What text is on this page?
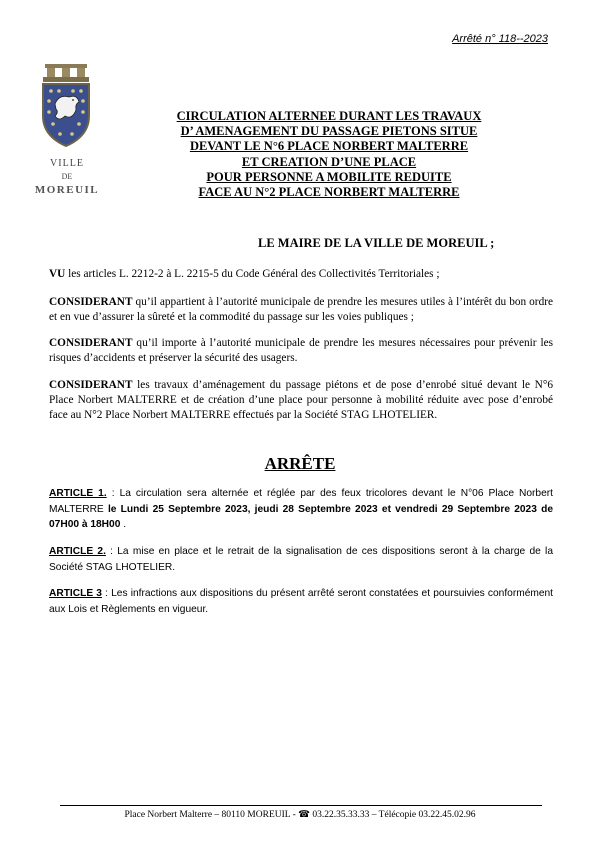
Arrêté n° 118--2023
VILLE
DE
MOREUIL
CIRCULATION ALTERNEE DURANT LES TRAVAUX
D’ AMENAGEMENT DU PASSAGE PIETONS SITUE
DEVANT LE N°6 PLACE NORBERT MALTERRE
ET CREATION D’UNE PLACE
POUR PERSONNE A MOBILITE REDUITE
FACE AU N°2 PLACE NORBERT MALTERRE
LE MAIRE DE LA VILLE DE MOREUIL ;
VU les articles L. 2212-2 à L. 2215-5 du Code Général des Collectivités Territoriales ;
CONSIDERANT qu’il appartient à l’autorité municipale de prendre les mesures utiles à l’intérêt du bon ordre et en vue d’assurer la sûreté et la commodité du passage sur les voies publiques ;
CONSIDERANT qu’il importe à l’autorité municipale de prendre les mesures nécessaires pour prévenir les risques d’accidents et préserver la sécurité des usagers.
CONSIDERANT les travaux d’aménagement du passage piétons et de pose d’enrobé situé devant le N°6 Place Norbert MALTERRE et de création d’une place pour personne à mobilité réduite avec pose d’enrobé face au N°2 Place Norbert MALTERRE effectués par la Société STAG LHOTELIER.
ARRÊTE
ARTICLE 1. : La circulation sera alternée et réglée par des feux tricolores devant le N°06 Place Norbert MALTERRE le Lundi 25 Septembre 2023, jeudi 28 Septembre 2023 et vendredi 29 Septembre 2023 de 07H00 à 18H00 .
ARTICLE 2. : La mise en place et le retrait de la signalisation de ces dispositions seront à la charge de la Société STAG LHOTELIER.
ARTICLE 3 : Les infractions aux dispositions du présent arrêté seront constatées et poursuivies conformément aux Lois et Règlements en vigueur.
Place Norbert Malterre – 80110 MOREUIL - ☎ 03.22.35.33.33 – Télécopie 03.22.45.02.96
